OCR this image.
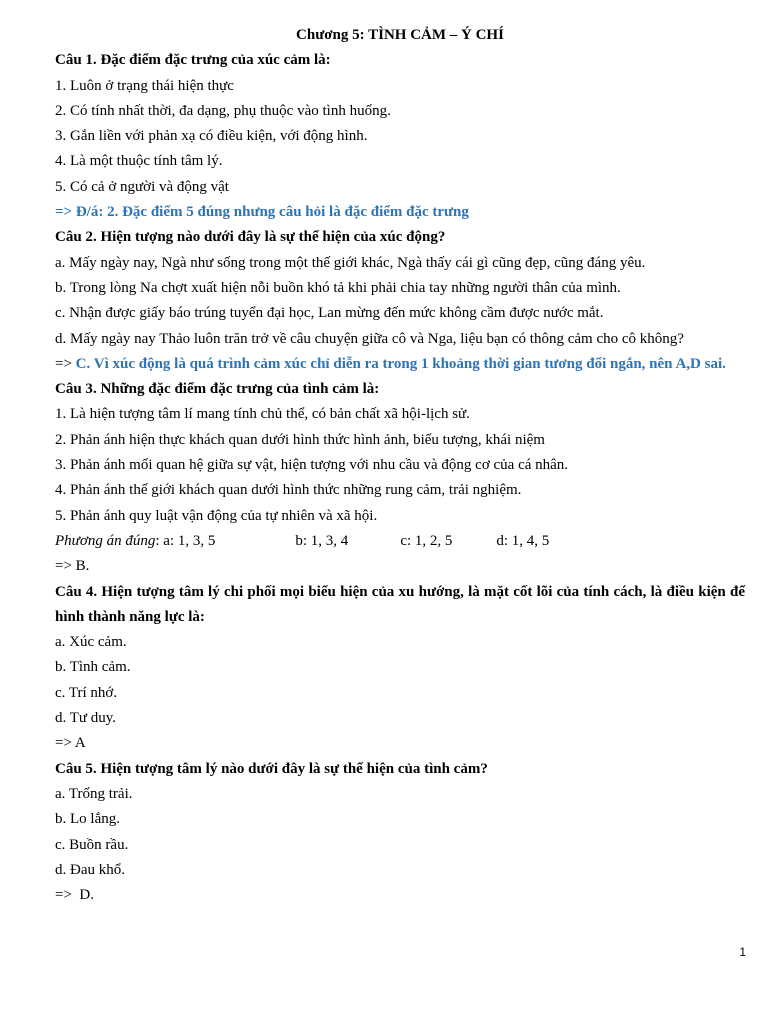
Chương 5: TÌNH CẢM – Ý CHÍ
Câu 1. Đặc điểm đặc trưng của xúc cảm là:
1. Luôn ở trạng thái hiện thực
2. Có tính nhất thời, đa dạng, phụ thuộc vào tình huống.
3. Gắn liền với phản xạ có điều kiện, với động hình.
4. Là một thuộc tính tâm lý.
5. Có cả ở người và động vật
=> Đ/á: 2. Đặc điểm 5 đúng nhưng câu hỏi là đặc điểm đặc trưng
Câu 2. Hiện tượng nào dưới đây là sự thể hiện của xúc động?
a. Mấy ngày nay, Ngà như sống trong một thế giới khác, Ngà thấy cái gì cũng đẹp, cũng đáng yêu.
b. Trong lòng Na chợt xuất hiện nỗi buồn khó tả khi phải chia tay những người thân của mình.
c. Nhận được giấy báo trúng tuyển đại học, Lan mừng đến mức không cầm được nước mắt.
d. Mấy ngày nay Thảo luôn trăn trở về câu chuyện giữa cô và Nga, liệu bạn có thông cảm cho cô không?
=> C. Vì xúc động là quá trình cảm xúc chỉ diễn ra trong 1 khoảng thời gian tương đối ngắn, nên A,D sai.
Câu 3. Những đặc điểm đặc trưng của tình cảm là:
1. Là hiện tượng tâm lí mang tính chủ thể, có bản chất xã hội-lịch sử.
2. Phản ánh hiện thực khách quan dưới hình thức hình ảnh, biểu tượng, khái niệm
3. Phản ánh mối quan hệ giữa sự vật, hiện tượng với nhu cầu và động cơ của cá nhân.
4. Phản ánh thế giới khách quan dưới hình thức những rung cảm, trải nghiệm.
5. Phản ánh quy luật vận động của tự nhiên và xã hội.
Phương án đúng: a: 1, 3, 5	b: 1, 3, 4	c: 1, 2, 5	d: 1, 4, 5
=> B.
Câu 4. Hiện tượng tâm lý chi phối mọi biểu hiện của xu hướng, là mặt cốt lõi của tính cách, là điều kiện để hình thành năng lực là:
a. Xúc cảm.
b. Tình cảm.
c. Trí nhớ.
d. Tư duy.
=> A
Câu 5. Hiện tượng tâm lý nào dưới đây là sự thể hiện của tình cảm?
a. Trống trải.
b. Lo lắng.
c. Buồn rầu.
d. Đau khổ.
=>  D.
1
